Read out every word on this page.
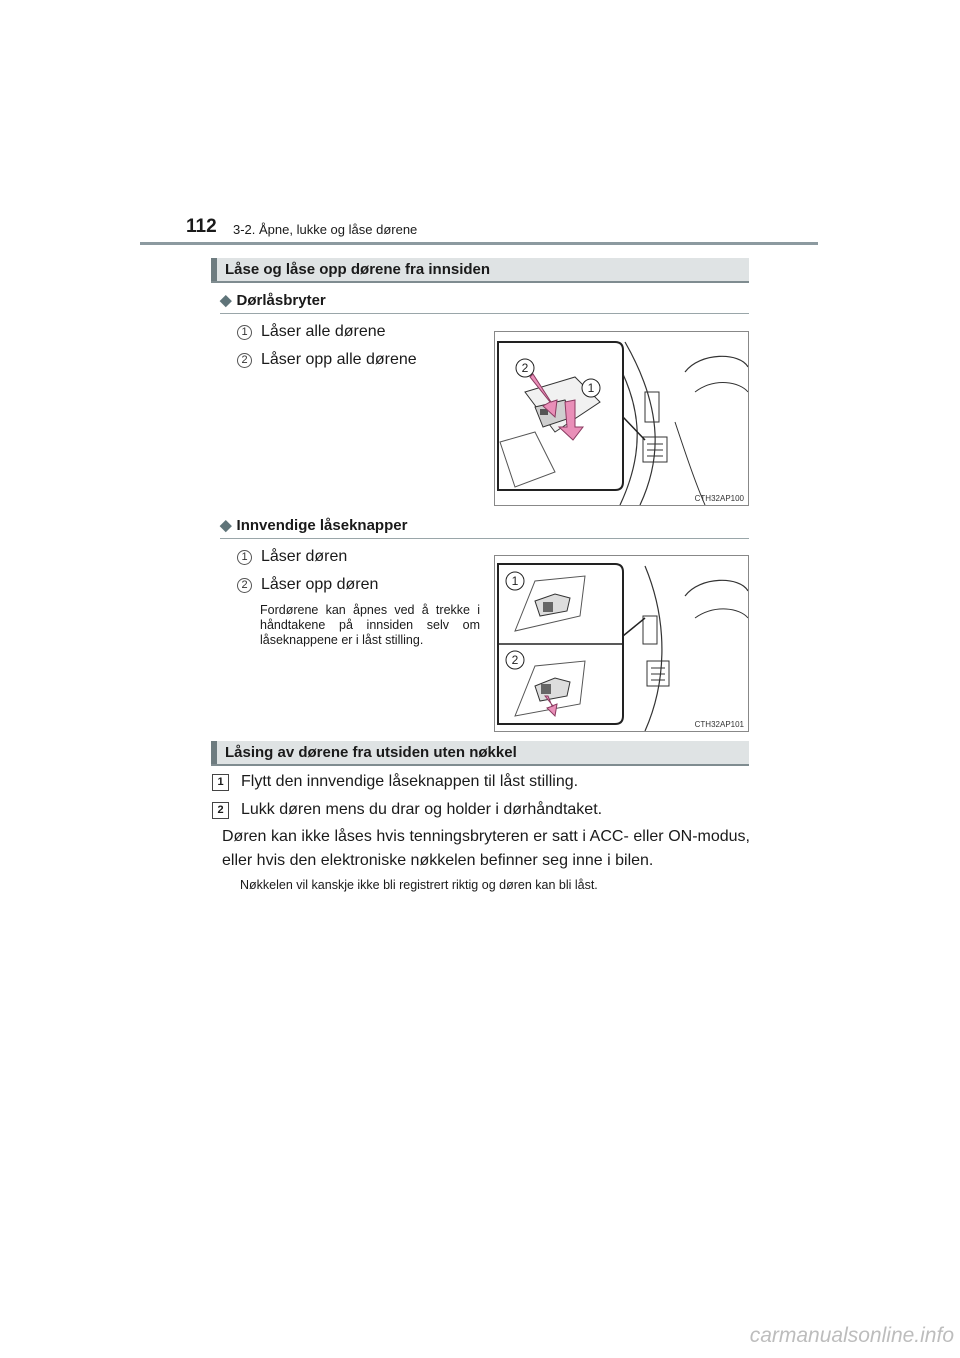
112 3-2. Åpne, lukke og låse dørene
Låse og låse opp dørene fra innsiden
◆ Dørlåsbryter
1 Låser alle dørene
2 Låser opp alle dørene	2
1
CTH32AP100
◆ Innvendige låseknapper
1 Låser døren
2 Låser opp døren
Fordørene kan åpnes ved å trekke i håndtakene på innsiden selv om låseknappene er i låst stilling.
1
2
CTH32AP101
Låsing av dørene fra utsiden uten nøkkel
1	Flytt den innvendige låseknappen til låst stilling.
2	Lukk døren mens du drar og holder i dørhåndtaket.
Døren kan ikke låses hvis tenningsbryteren er satt i ACC- eller ON-modus, eller hvis den elektroniske nøkkelen befinner seg inne i bilen.
Nøkkelen vil kanskje ikke bli registrert riktig og døren kan bli låst.
carmanualsonline.info
